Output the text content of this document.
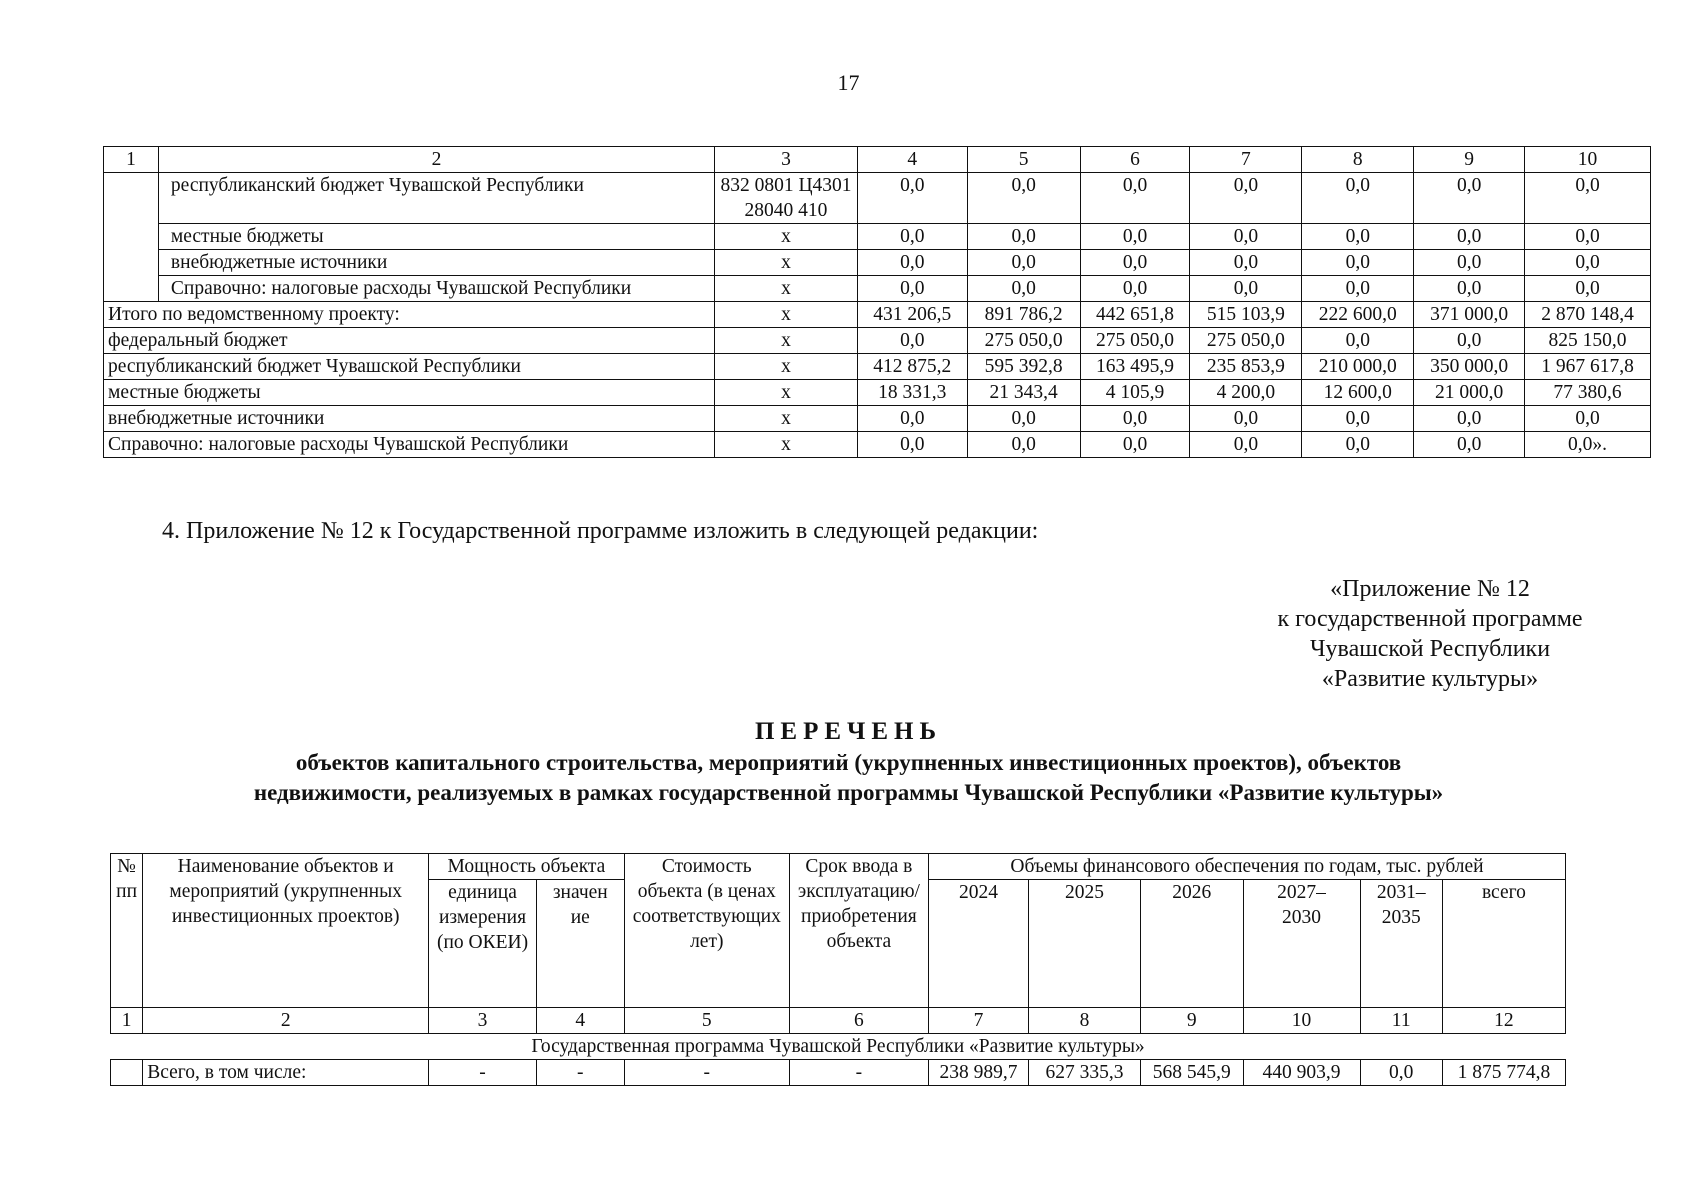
17
1	2	3	4	5	6	7	8	9	10
	республиканский бюджет Чувашской Республики	832 0801 Ц430128040 410	0,0	0,0	0,0	0,0	0,0	0,0	0,0
	местные бюджеты	х	0,0	0,0	0,0	0,0	0,0	0,0	0,0
	внебюджетные источники	х	0,0	0,0	0,0	0,0	0,0	0,0	0,0
	Справочно: налоговые расходы Чувашской Республики	х	0,0	0,0	0,0	0,0	0,0	0,0	0,0
Итого по ведомственному проекту:		х	431 206,5	891 786,2	442 651,8	515 103,9	222 600,0	371 000,0	2 870 148,4
федеральный бюджет		х	0,0	275 050,0	275 050,0	275 050,0	0,0	0,0	825 150,0
республиканский бюджет Чувашской Республики		х	412 875,2	595 392,8	163 495,9	235 853,9	210 000,0	350 000,0	1 967 617,8
местные бюджеты		х	18 331,3	21 343,4	4 105,9	4 200,0	12 600,0	21 000,0	77 380,6
внебюджетные источники		х	0,0	0,0	0,0	0,0	0,0	0,0	0,0
Справочно: налоговые расходы Чувашской Республики		х	0,0	0,0	0,0	0,0	0,0	0,0	0,0».
4. Приложение № 12 к Государственной программе изложить в следующей редакции:
«Приложение № 12
к государственной программе
Чувашской Республики
«Развитие культуры»
ПЕРЕЧЕНЬ
объектов капитального строительства, мероприятий (укрупненных инвестиционных проектов), объектов
недвижимости, реализуемых в рамках государственной программы Чувашской Республики «Развитие культуры»
№ пп	Наименование объектов и мероприятий (укрупненных инвестиционных проектов)	Мощность объекта		Стоимость объекта (в ценах соответствующих лет)	Срок ввода в эксплуатацию/ приобретения объекта	Объемы финансового обеспечения по годам, тыс. рублей					
		единица измерения (по ОКЕИ)	значение			2024	2025	2026	2027–2030	2031–2035	всего
1	2	3	4	5	6	7	8	9	10	11	12
Государственная программа Чувашской Республики «Развитие культуры»											
	Всего, в том числе:	-	-	-	-	238 989,7	627 335,3	568 545,9	440 903,9	0,0	1 875 774,8
